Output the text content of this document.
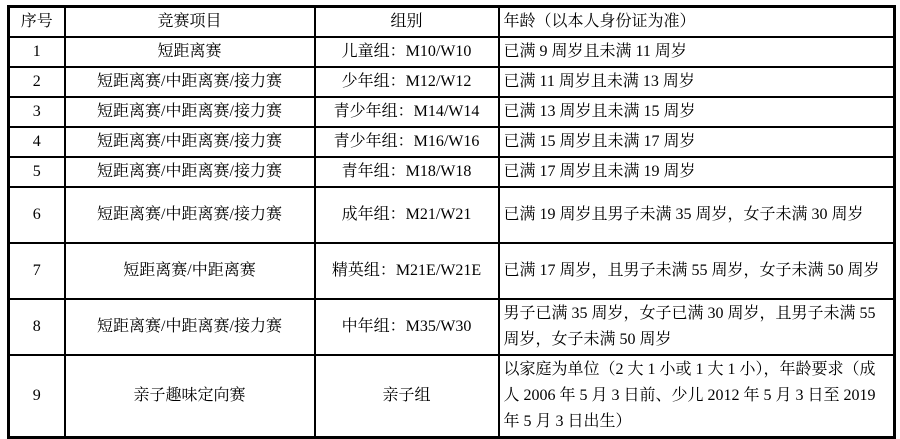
序号	竞赛项目	组别	年龄（以本人身份证为准）
1	短距离赛	儿童组：M10/W10	已满 9 周岁且未满 11 周岁
2	短距离赛/中距离赛/接力赛	少年组：M12/W12	已满 11 周岁且未满 13 周岁
3	短距离赛/中距离赛/接力赛	青少年组：M14/W14	已满 13 周岁且未满 15 周岁
4	短距离赛/中距离赛/接力赛	青少年组：M16/W16	已满 15 周岁且未满 17 周岁
5	短距离赛/中距离赛/接力赛	青年组：M18/W18	已满 17 周岁且未满 19 周岁
6	短距离赛/中距离赛/接力赛	成年组：M21/W21	已满 19 周岁且男子未满 35 周岁，女子未满 30 周岁
7	短距离赛/中距离赛	精英组：M21E/W21E	已满 17 周岁，且男子未满 55 周岁，女子未满 50 周岁
8	短距离赛/中距离赛/接力赛	中年组：M35/W30	男子已满 35 周岁，女子已满 30 周岁，且男子未满 55 周岁，女子未满 50 周岁
9	亲子趣味定向赛	亲子组	以家庭为单位（2 大 1 小或 1 大 1 小），年龄要求（成人 2006 年 5 月 3 日前、少儿 2012 年 5 月 3 日至 2019 年 5 月 3 日出生）
